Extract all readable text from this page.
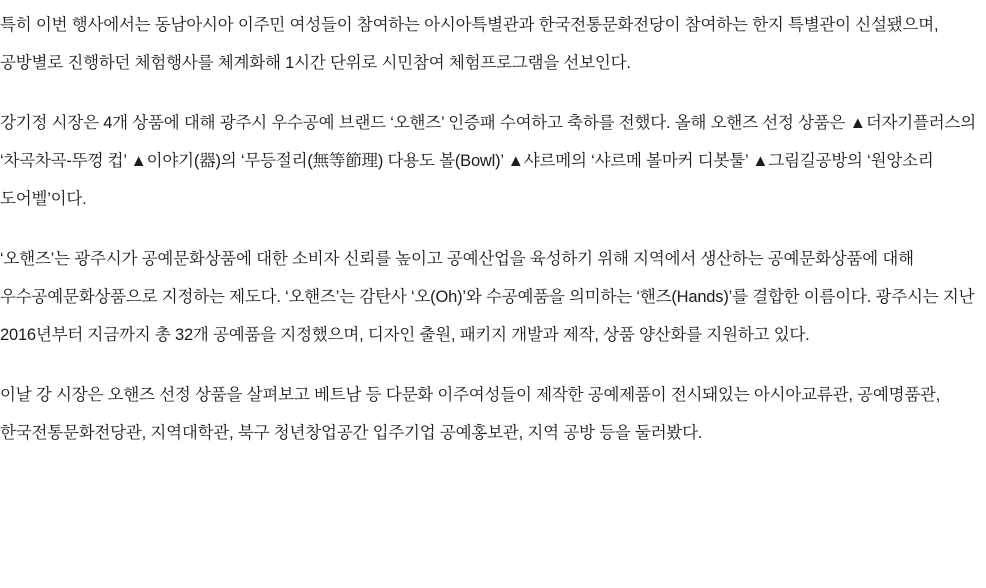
특히 이번 행사에서는 동남아시아 이주민 여성들이 참여하는 아시아특별관과 한국전통문화전당이 참여하는 한지 특별관이 신설됐으며, 공방별로 진행하던 체험행사를 체계화해 1시간 단위로 시민참여 체험프로그램을 선보인다.

강기정 시장은 4개 상품에 대해 광주시 우수공예 브랜드 ‘오핸즈’ 인증패 수여하고 축하를 전했다. 올해 오핸즈 선정 상품은 ▲더자기플러스의 ‘차곡차곡-뚜껑 컵’ ▲이야기(器)의 ‘무등절리(無等節理) 다용도 볼(Bowl)’ ▲샤르메의 ‘샤르메 볼마커 디봇툴’ ▲그림길공방의 ‘원앙소리 도어벨’이다.

‘오핸즈’는 광주시가 공예문화상품에 대한 소비자 신뢰를 높이고 공예산업을 육성하기 위해 지역에서 생산하는 공예문화상품에 대해 우수공예문화상품으로 지정하는 제도다. ‘오핸즈’는 감탄사 ‘오(Oh)’와 수공예품을 의미하는 ‘핸즈(Hands)’를 결합한 이름이다. 광주시는 지난 2016년부터 지금까지 총 32개 공예품을 지정했으며, 디자인 출원, 패키지 개발과 제작, 상품 양산화를 지원하고 있다.

이날 강 시장은 오핸즈 선정 상품을 살펴보고 베트남 등 다문화 이주여성들이 제작한 공예제품이 전시돼있는 아시아교류관, 공예명품관, 한국전통문화전당관, 지역대학관, 북구 청년창업공간 입주기업 공예홍보관, 지역 공방 등을 둘러봤다.
